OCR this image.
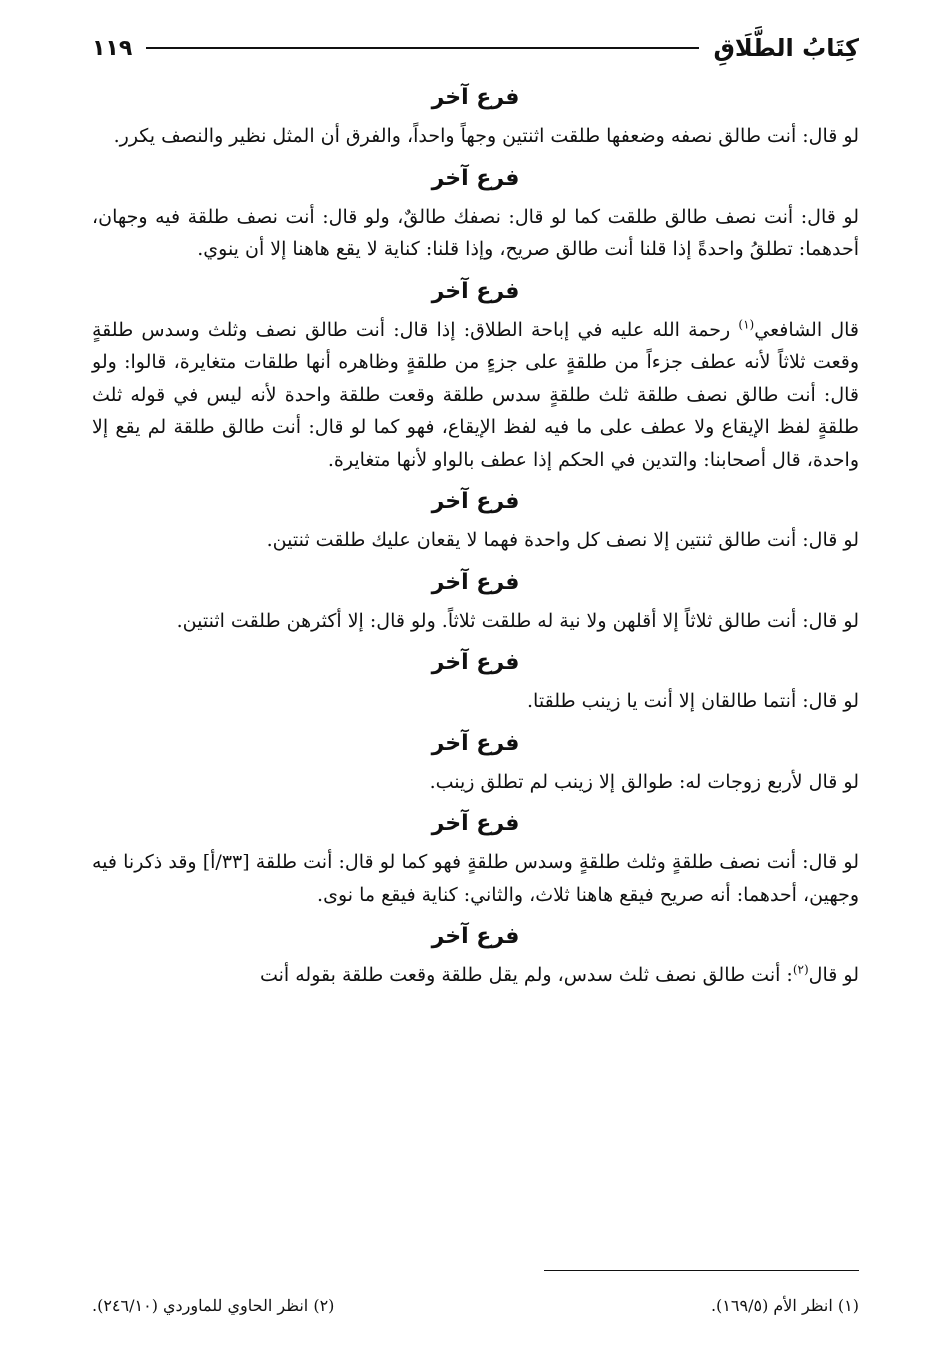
كِتَابُ الطَّلَاقِ
١١٩
فرع آخر

لو قال: أنت طالق نصفه وضعفها طلقت اثنتين وجهاً واحداً، والفرق أن المثل نظير والنصف يكرر.

فرع آخر

لو قال: أنت نصف طالق طلقت كما لو قال: نصفك طالقٌ، ولو قال: أنت نصف طلقة فيه وجهان، أحدهما: تطلقُ واحدةً إذا قلنا أنت طالق صريح، وإذا قلنا: كناية لا يقع هاهنا إلا أن ينوي.

فرع آخر

قال الشافعي$^{(١)}$ رحمة الله عليه في إباحة الطلاق: إذا قال: أنت طالق نصف وثلث وسدس طلقةٍ وقعت ثلاثاً لأنه عطف جزءاً من طلقةٍ على جزءٍ من طلقةٍ وظاهره أنها طلقات متغايرة، قالوا: ولو قال: أنت طالق نصف طلقة ثلث طلقةٍ سدس طلقة وقعت طلقة واحدة لأنه ليس في قوله ثلث طلقةٍ لفظ الإيقاع ولا عطف على ما فيه لفظ الإيقاع، فهو كما لو قال: أنت طالق طلقة لم يقع إلا واحدة، قال أصحابنا: والتدين في الحكم إذا عطف بالواو لأنها متغايرة.

فرع آخر

لو قال: أنت طالق ثنتين إلا نصف كل واحدة فهما لا يقعان عليك طلقت ثنتين.

فرع آخر

لو قال: أنت طالق ثلاثاً إلا أقلهن ولا نية له طلقت ثلاثاً. ولو قال: إلا أكثرهن طلقت اثنتين.

فرع آخر

لو قال: أنتما طالقان إلا أنت يا زينب طلقتا.

فرع آخر

لو قال لأربع زوجات له: طوالق إلا زينب لم تطلق زينب.

فرع آخر

لو قال: أنت نصف طلقةٍ وثلث طلقةٍ وسدس طلقةٍ فهو كما لو قال: أنت طلقة [٣٣/أ] وقد ذكرنا فيه وجهين، أحدهما: أنه صريح فيقع هاهنا ثلاث، والثاني: كناية فيقع ما نوى.

فرع آخر

لو قال$^{(٢)}$: أنت طالق نصف ثلث سدس، ولم يقل طلقة وقعت طلقة بقوله أنت

(١) انظر الأم (١٦٩/٥).
(٢) انظر الحاوي للماوردي (٢٤٦/١٠).
